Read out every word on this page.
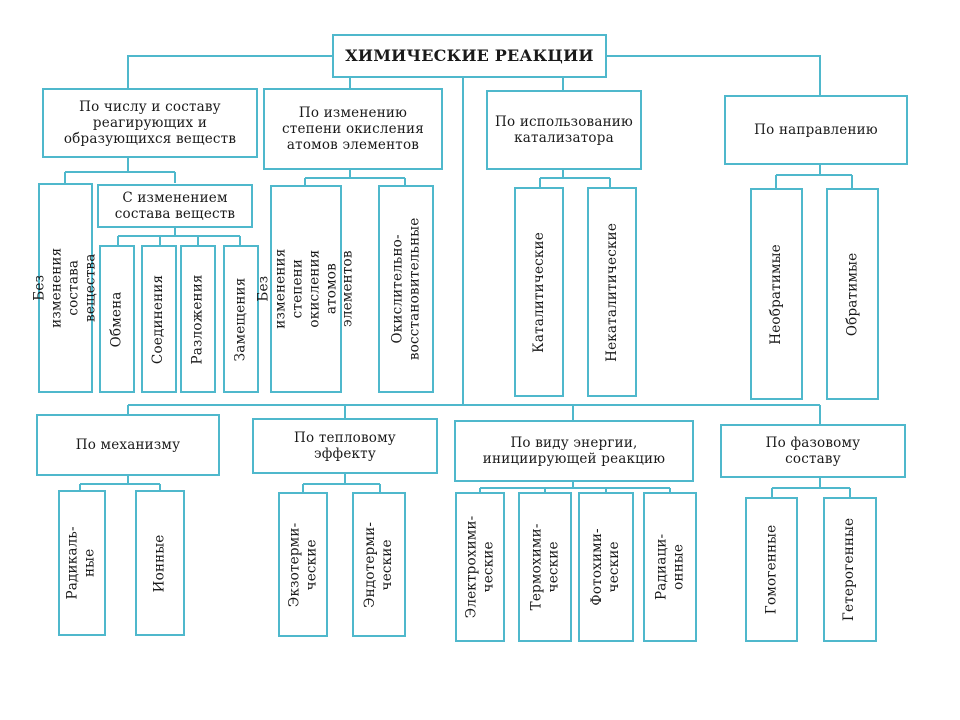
ХИМИЧЕСКИЕ РЕАКЦИИ
По числу и составу
реагирующих и
образующихся веществ
По изменению
степени окисления
атомов элементов
По использованию
катализатора
По направлению
Без изменения
состава вещества
С изменением
состава веществ
Обмена Соединения Разложения Замещения Без изменения
степени окисления
атомов элементов Окислительно-
восстановительные	Каталитические	Некаталитические	Необратимые	Обратимые
По механизму	По тепловому
эффекту
По виду энергии,
инициирующей реакцию
По фазовому
составу
Радикаль-
ные	Ионные	Экзотерми-
ческие	Эндотерми-
ческие	Электрохими-
ческие Термохими-
ческие Фотохими-
ческие Радиаци-
онные	Гомогенные	Гетерогенные
